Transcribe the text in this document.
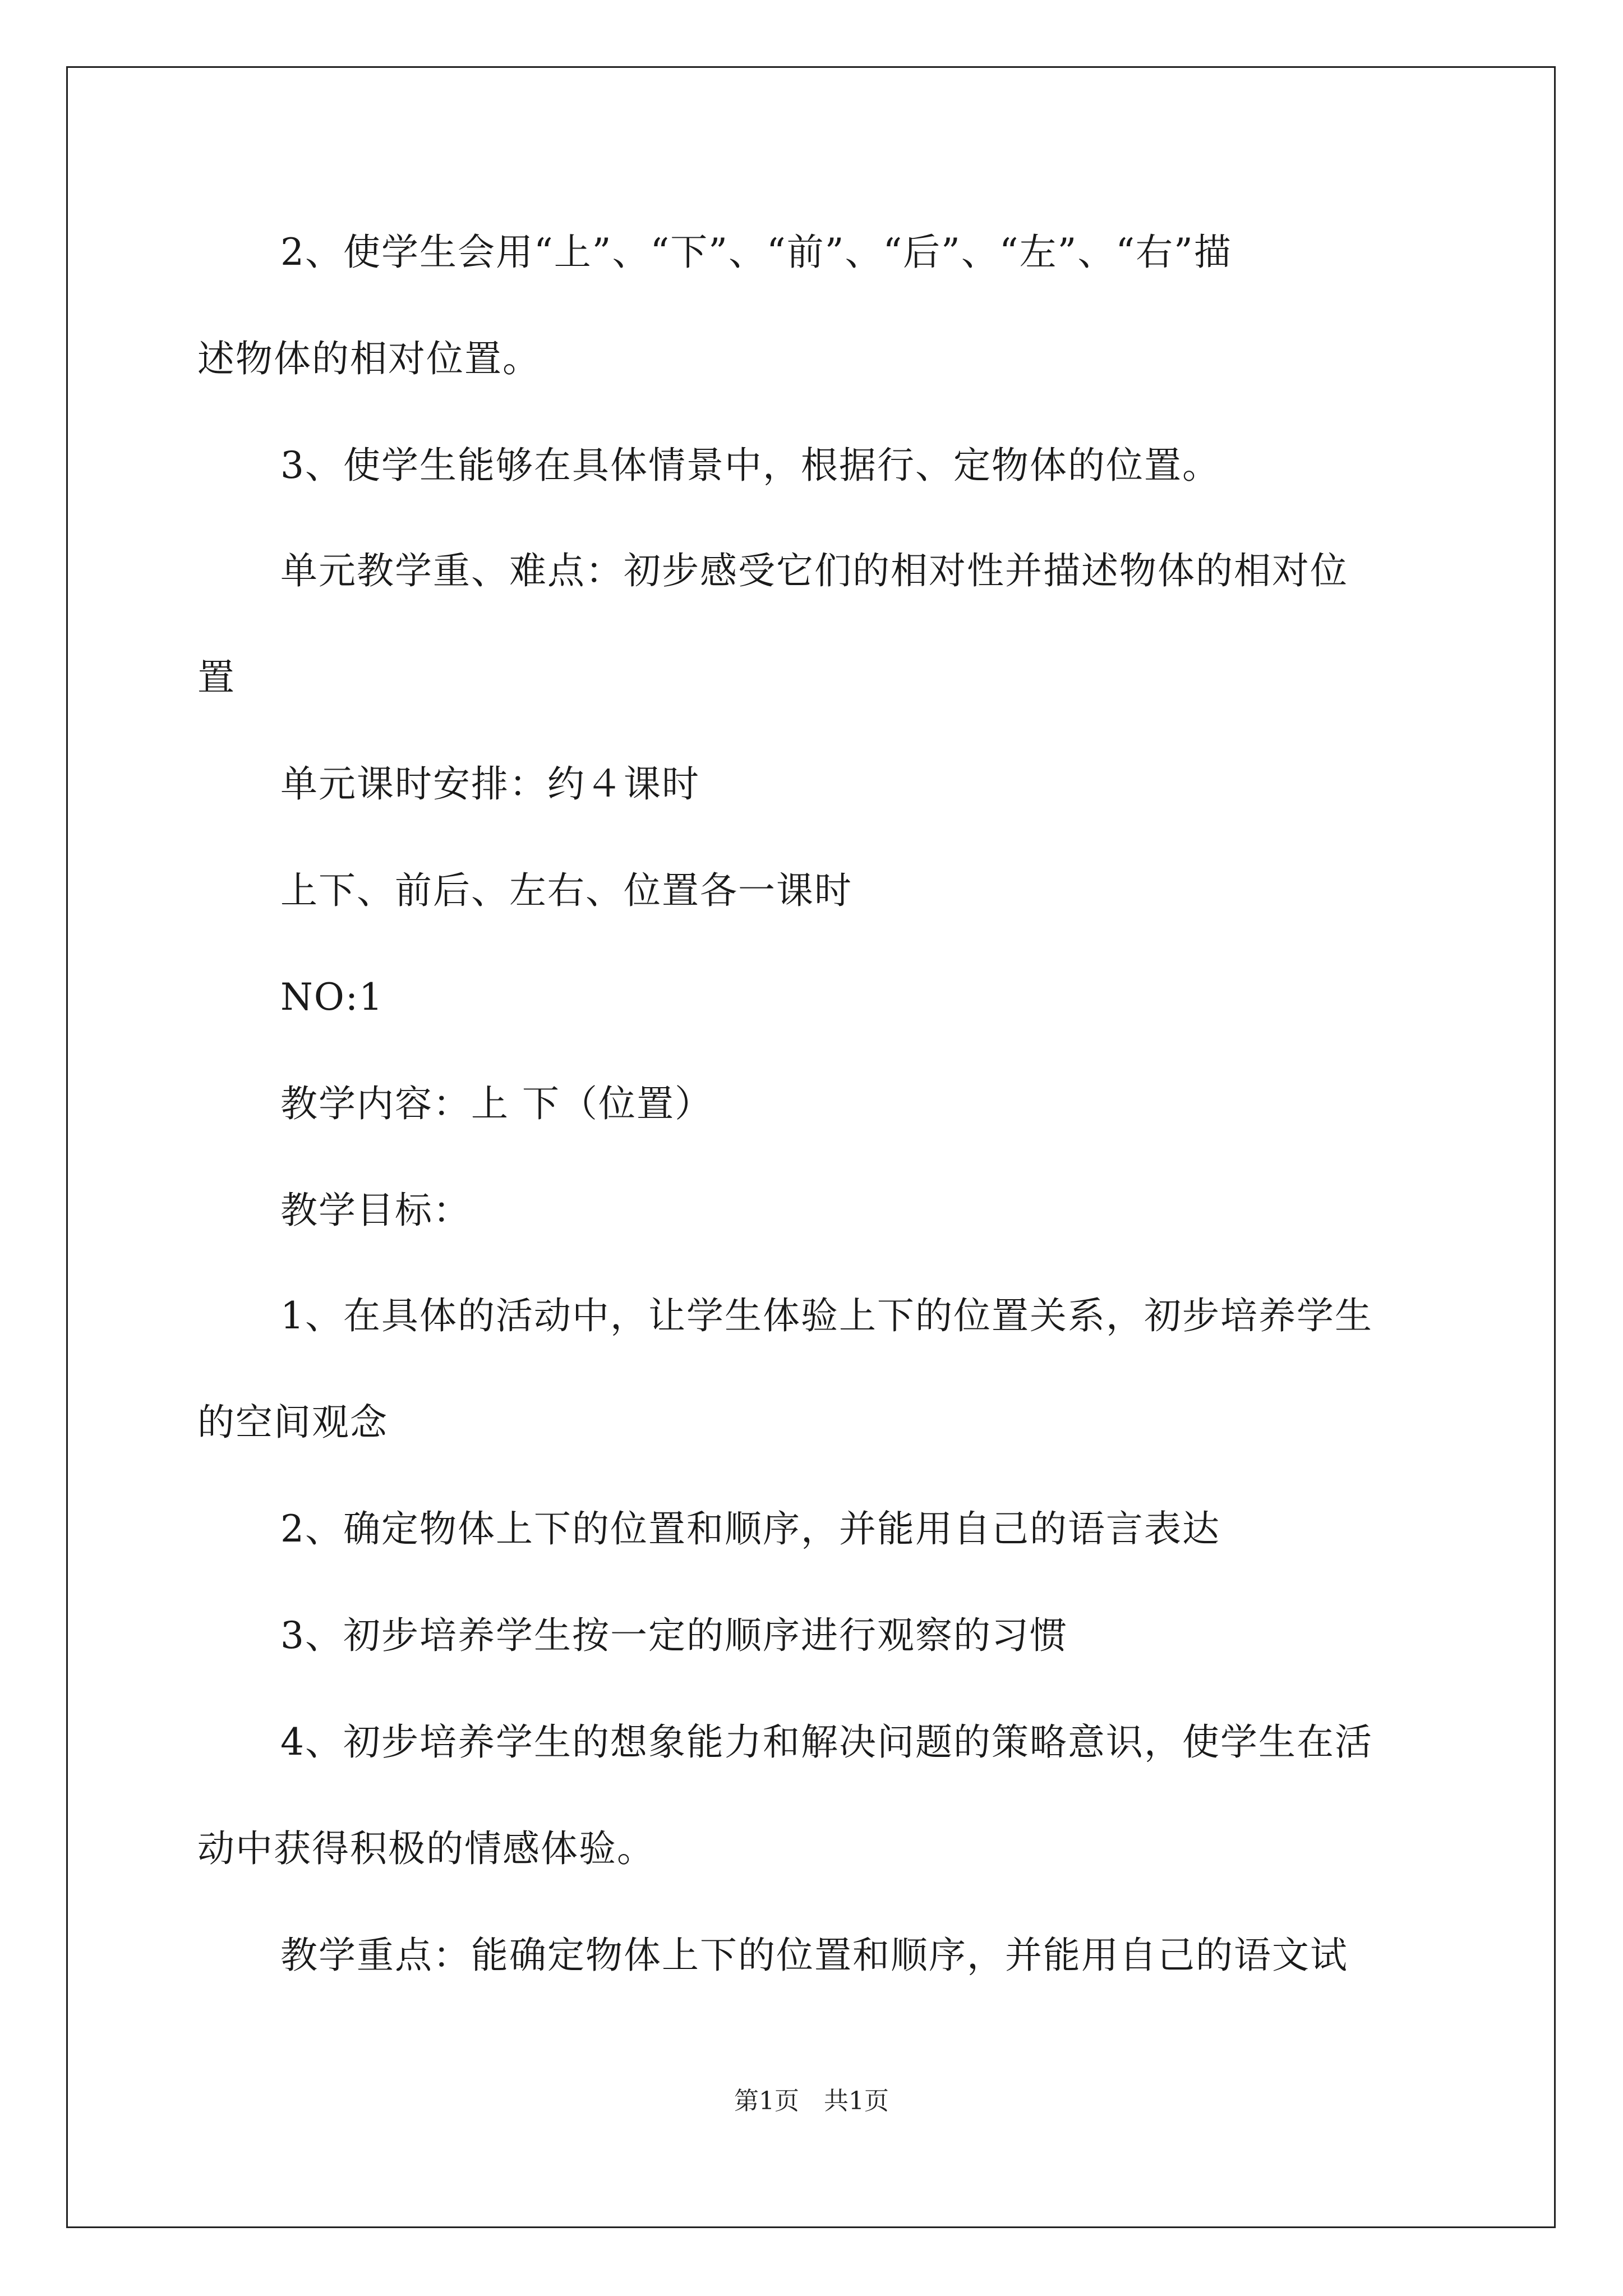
2、使学生会用“上”、“下”、“前”、“后”、“左”、“右”描
述物体的相对位置。
3、使学生能够在具体情景中，根据行、定物体的位置。
单元教学重、难点：初步感受它们的相对性并描述物体的相对位
置
单元课时安排：约４课时
上下、前后、左右、位置各一课时
NO:1
教学内容：上 下（位置）
教学目标：
1、在具体的活动中，让学生体验上下的位置关系，初步培养学生
的空间观念
2、确定物体上下的位置和顺序，并能用自己的语言表达
3、初步培养学生按一定的顺序进行观察的习惯
4、初步培养学生的想象能力和解决问题的策略意识，使学生在活
动中获得积极的情感体验。
教学重点：能确定物体上下的位置和顺序，并能用自己的语文试
第1页　共1页
